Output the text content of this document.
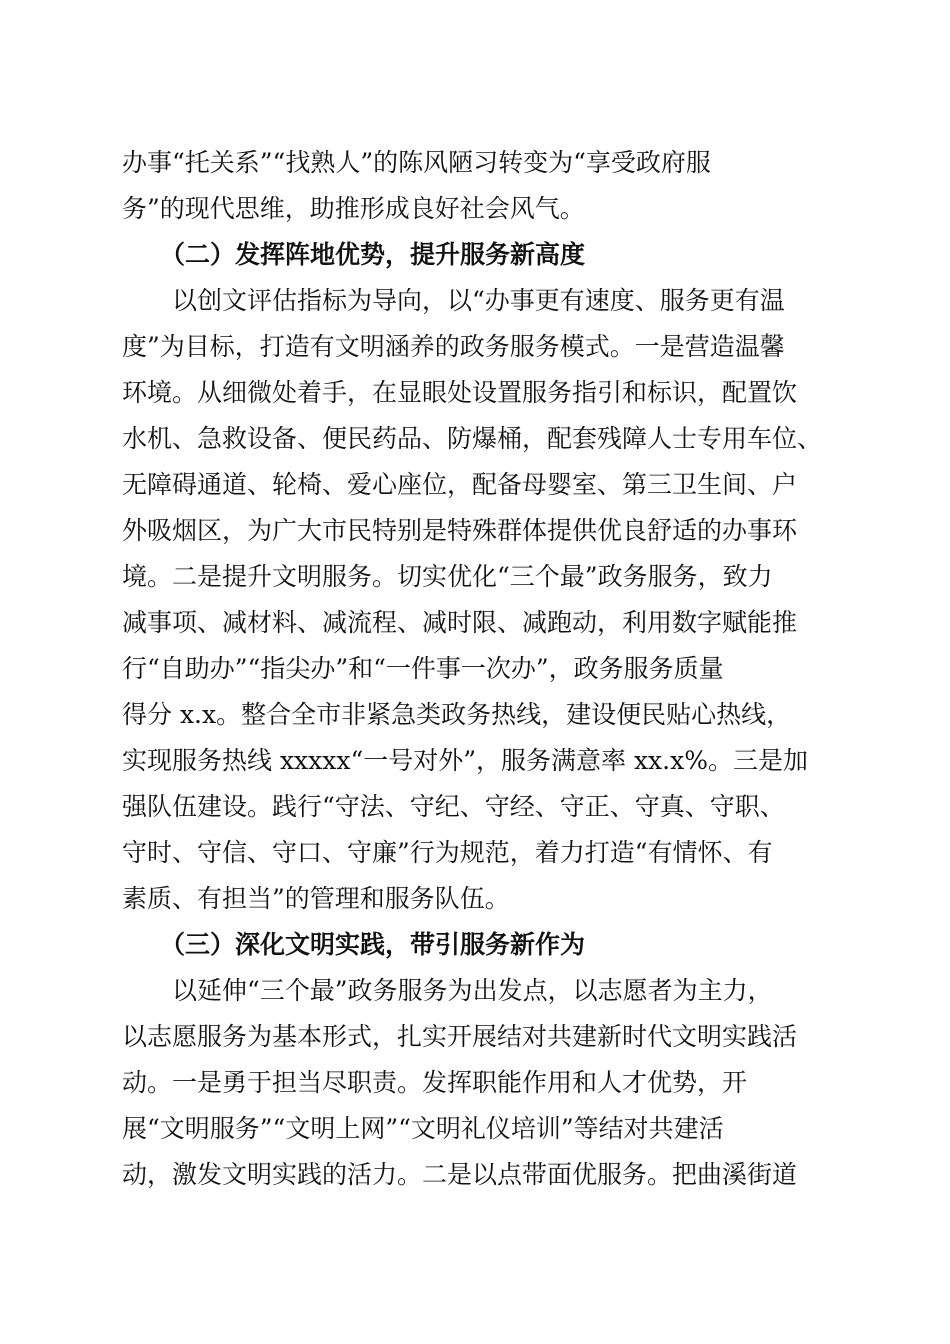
办事“托关系”“找熟人”的陈风陋习转变为“享受政府服
务”的现代思维，助推形成良好社会风气。
（二）发挥阵地优势，提升服务新高度
以创文评估指标为导向，以“办事更有速度、服务更有温
度”为目标，打造有文明涵养的政务服务模式。一是营造温馨
环境。从细微处着手，在显眼处设置服务指引和标识，配置饮
水机、急救设备、便民药品、防爆桶，配套残障人士专用车位、
无障碍通道、轮椅、爱心座位，配备母婴室、第三卫生间、户
外吸烟区，为广大市民特别是特殊群体提供优良舒适的办事环
境。二是提升文明服务。切实优化“三个最”政务服务，致力
减事项、减材料、减流程、减时限、减跑动，利用数字赋能推
行“自助办”“指尖办”和“一件事一次办”，政务服务质量
得分 x.x。整合全市非紧急类政务热线，建设便民贴心热线，
实现服务热线 xxxxx“一号对外”，服务满意率 xx.x%。三是加
强队伍建设。践行“守法、守纪、守经、守正、守真、守职、
守时、守信、守口、守廉”行为规范，着力打造“有情怀、有
素质、有担当”的管理和服务队伍。
（三）深化文明实践，带引服务新作为
以延伸“三个最”政务服务为出发点，以志愿者为主力，
以志愿服务为基本形式，扎实开展结对共建新时代文明实践活
动。一是勇于担当尽职责。发挥职能作用和人才优势，开
展“文明服务”“文明上网”“文明礼仪培训”等结对共建活
动，激发文明实践的活力。二是以点带面优服务。把曲溪街道
